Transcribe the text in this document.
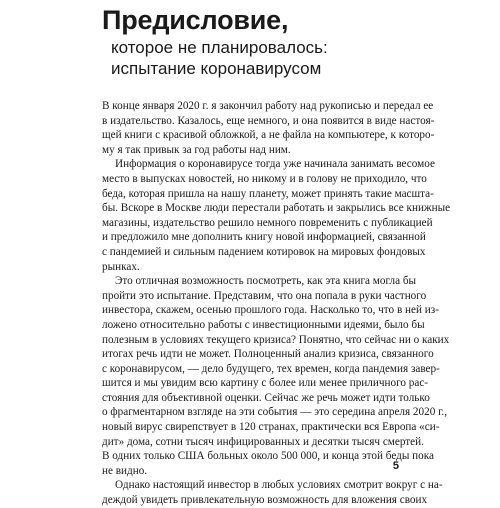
Предисловие,
которое не планировалось:
испытание коронавирусом
В конце января 2020 г. я закончил работу над рукописью и передал ее
в издательство. Казалось, еще немного, и она появится в виде настоя-
щей книги с красивой обложкой, а не файла на компьютере, к которо-
му я так привык за год работы над ним.
Информация о коронавирусе тогда уже начинала занимать весомое
место в выпусках новостей, но никому и в голову не приходило, что
беда, которая пришла на нашу планету, может принять такие масшта-
бы. Вскоре в Москве люди перестали работать и закрылись все книжные
магазины, издательство решило немного повременить с публикацией
и предложило мне дополнить книгу новой информацией, связанной
с пандемией и сильным падением котировок на мировых фондовых
рынках.
Это отличная возможность посмотреть, как эта книга могла бы
пройти это испытание. Представим, что она попала в руки частного
инвестора, скажем, осенью прошлого года. Насколько то, что в ней из-
ложено относительно работы с инвестиционными идеями, было бы
полезным в условиях текущего кризиса? Понятно, что сейчас ни о каких
итогах речь идти не может. Полноценный анализ кризиса, связанного
с коронавирусом, — дело будущего, тех времен, когда пандемия завер-
шится и мы увидим всю картину с более или менее приличного рас-
стояния для объективной оценки. Сейчас же речь может идти только
о фрагментарном взгляде на эти события — это середина апреля 2020 г.,
новый вирус свирепствует в 120 странах, практически вся Европа «си-
дит» дома, сотни тысяч инфицированных и десятки тысяч смертей.
В одних только США больных около 500 000, и конца этой беды пока
не видно.
Однако настоящий инвестор в любых условиях смотрит вокруг с на-
деждой увидеть привлекательную возможность для вложения своих
5
